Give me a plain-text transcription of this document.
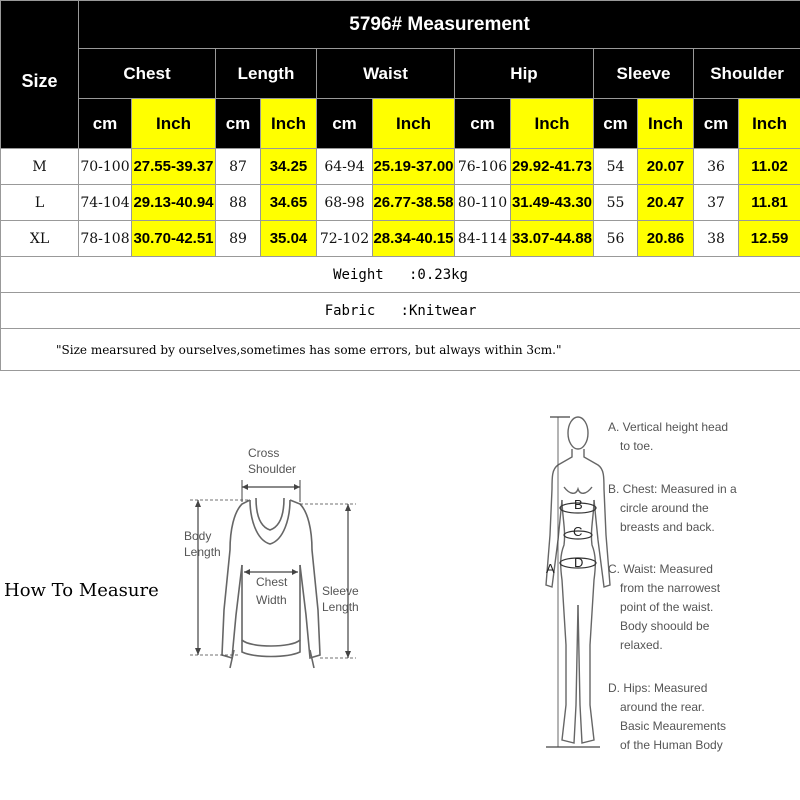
Size	5796# Measurement											
	Chest		Length		Waist		Hip		Sleeve		Shoulder	
	cm	Inch	cm	Inch	cm	Inch	cm	Inch	cm	Inch	cm	Inch
M	70-100	27.55-39.37	87	34.25	64-94	25.19-37.00	76-106	29.92-41.73	54	20.07	36	11.02
L	74-104	29.13-40.94	88	34.65	68-98	26.77-38.58	80-110	31.49-43.30	55	20.47	37	11.81
XL	78-108	30.70-42.51	89	35.04	72-102	28.34-40.15	84-114	33.07-44.88	56	20.86	38	12.59
Weight   :0.23kg												
Fabric   :Knitwear												
"Size mearsured by ourselves,sometimes has some errors, but always within 3cm."												
How To Measure
Cross
Shoulder
Body
Length
Chest
Width
Sleeve
Length
B
C
D
A
A. Vertical height head
to toe.
B. Chest: Measured in a
circle around the
breasts and back.
C. Waist: Measured
from the narrowest
point of the waist.
Body shoould be
relaxed.
D. Hips: Measured
around the rear.
Basic Meaurements
of the Human Body
